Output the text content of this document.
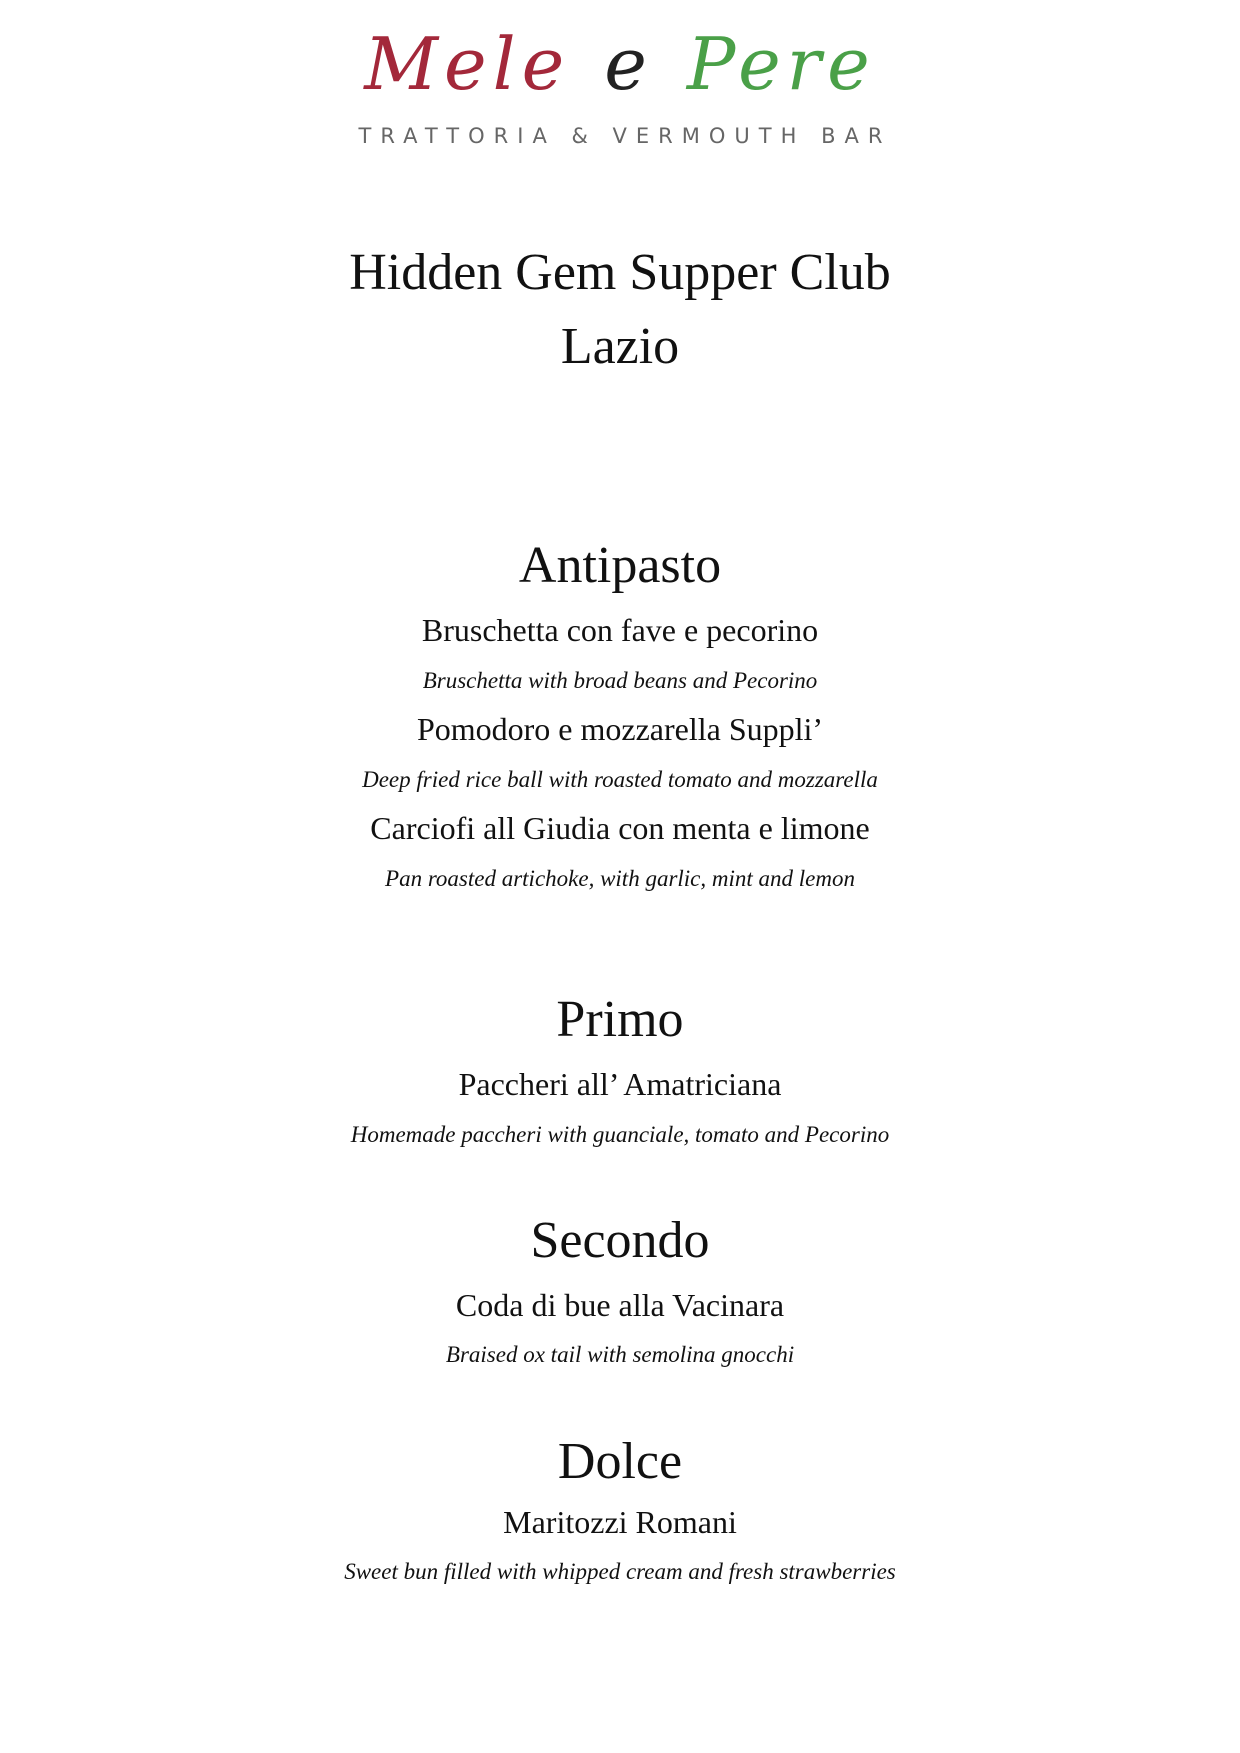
Mele e Pere
TRATTORIA & VERMOUTH BAR
Hidden Gem Supper Club
Lazio
Antipasto
Bruschetta con fave e pecorino
Bruschetta with broad beans and Pecorino
Pomodoro e mozzarella Suppli’
Deep fried rice ball with roasted tomato and mozzarella
Carciofi all Giudia con menta e limone
Pan roasted artichoke, with garlic, mint and lemon
Primo
Paccheri all’ Amatriciana
Homemade paccheri with guanciale, tomato and Pecorino
Secondo
Coda di bue alla Vacinara
Braised ox tail with semolina gnocchi
Dolce
Maritozzi Romani
Sweet bun filled with whipped cream and fresh strawberries
